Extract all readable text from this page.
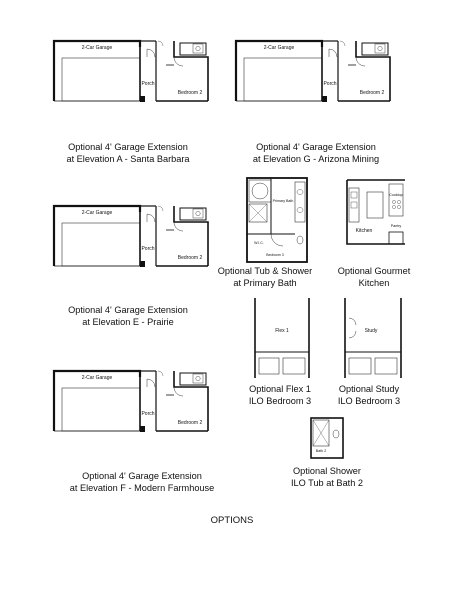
2-Car Garage
Porch
Bedroom 2
Optional 4' Garage Extension
at Elevation A - Santa Barbara
2-Car Garage
Porch
Bedroom 2
Optional 4' Garage Extension
at Elevation G - Arizona Mining
2-Car Garage
Porch
Bedroom 2
Optional 4' Garage Extension
at Elevation E - Prairie
2-Car Garage
Porch
Bedroom 2
Optional 4' Garage Extension
at Elevation F - Modern Farmhouse
Primary Bath
W.I.C.
Bedroom 3
Optional Tub & Shower
at Primary Bath
Cooktop
Pantry
Kitchen
Optional Gourmet
Kitchen
Flex 1
Optional Flex 1
ILO Bedroom 3
Study
Optional Study
ILO Bedroom 3
Bath 2
Optional Shower
ILO Tub at Bath 2
OPTIONS
